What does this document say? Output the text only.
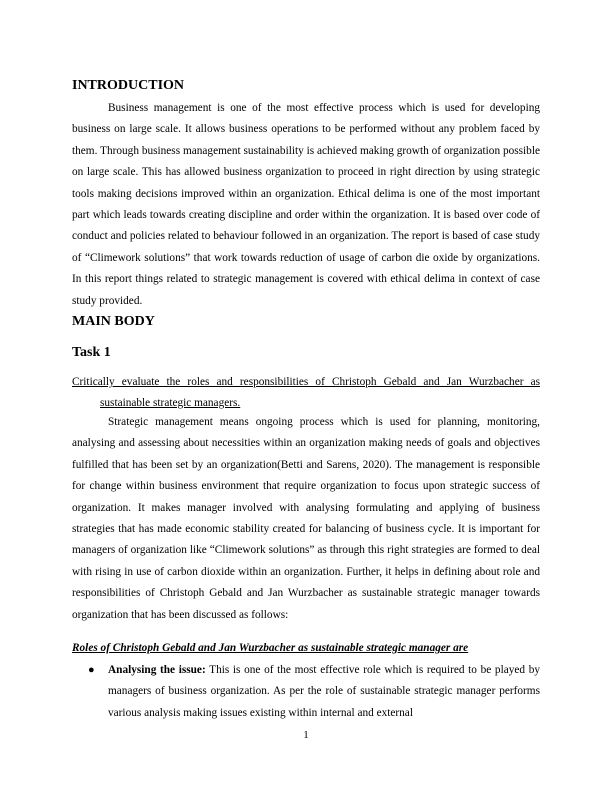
INTRODUCTION

Business management is one of the most effective process which is used for developing business on large scale. It allows business operations to be performed without any problem faced by them. Through business management sustainability is achieved making growth of organization possible on large scale. This has allowed business organization to proceed in right direction by using strategic tools making decisions improved within an organization. Ethical delima is one of the most important part which leads towards creating discipline and order within the organization. It is based over code of conduct and policies related to behaviour followed in an organization. The report is based of case study of “Climework solutions” that work towards reduction of usage of carbon die oxide by organizations. In this report things related to strategic management is covered with ethical delima in context of case study provided.

MAIN BODY
Task 1

Critically evaluate the roles and responsibilities of Christoph Gebald and Jan Wurzbacher as sustainable strategic managers.

Strategic management means ongoing process which is used for planning, monitoring, analysing and assessing about necessities within an organization making needs of goals and objectives fulfilled that has been set by an organization(Betti and Sarens, 2020). The management is responsible for change within business environment that require organization to focus upon strategic success of organization. It makes manager involved with analysing formulating and applying of business strategies that has made economic stability created for balancing of business cycle. It is important for managers of organization like “Climework solutions” as through this right strategies are formed to deal with rising in use of carbon dioxide within an organization. Further, it helps in defining about role and responsibilities of Christoph Gebald and Jan Wurzbacher as sustainable strategic manager towards organization that has been discussed as follows:

Roles of Christoph Gebald and Jan Wurzbacher as sustainable strategic manager are

● Analysing the issue: This is one of the most effective role which is required to be played by managers of business organization. As per the role of sustainable strategic manager performs various analysis making issues existing within internal and external
1
